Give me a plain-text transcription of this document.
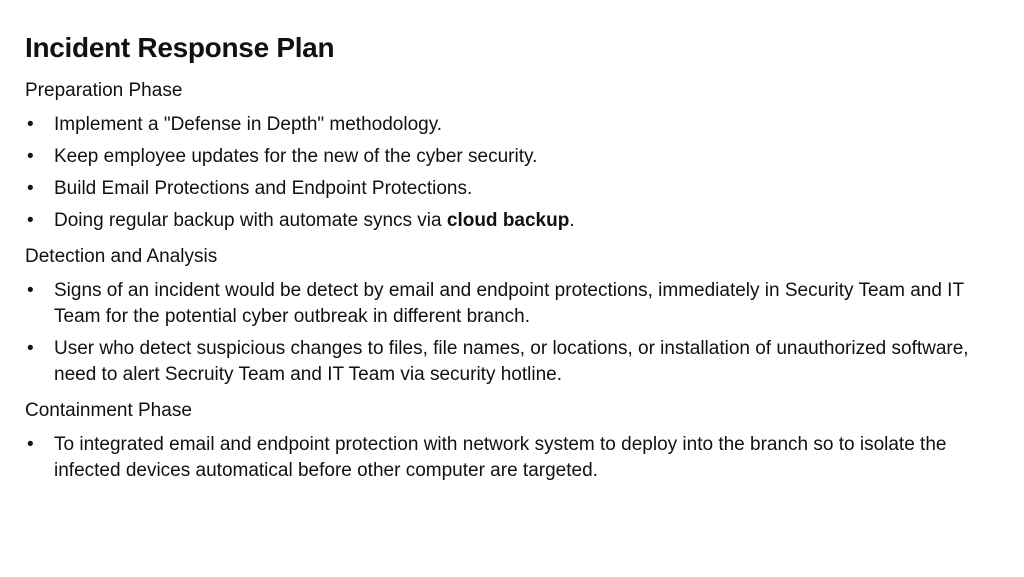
Incident Response Plan

Preparation Phase

• Implement a "Defense in Depth" methodology.
• Keep employee updates for the new of the cyber security.
• Build Email Protections and Endpoint Protections.
• Doing regular backup with automate syncs via cloud backup.

Detection and Analysis

• Signs of an incident would be detect by email and endpoint protections, immediately in Security Team and IT Team for the potential cyber outbreak in different branch.
• User who detect suspicious changes to files, file names, or locations, or installation of unauthorized software, need to alert Secruity Team and IT Team via security hotline.

Containment Phase

• To integrated email and endpoint protection with network system to deploy into the branch so to isolate the infected devices automatical before other computer are targeted.
